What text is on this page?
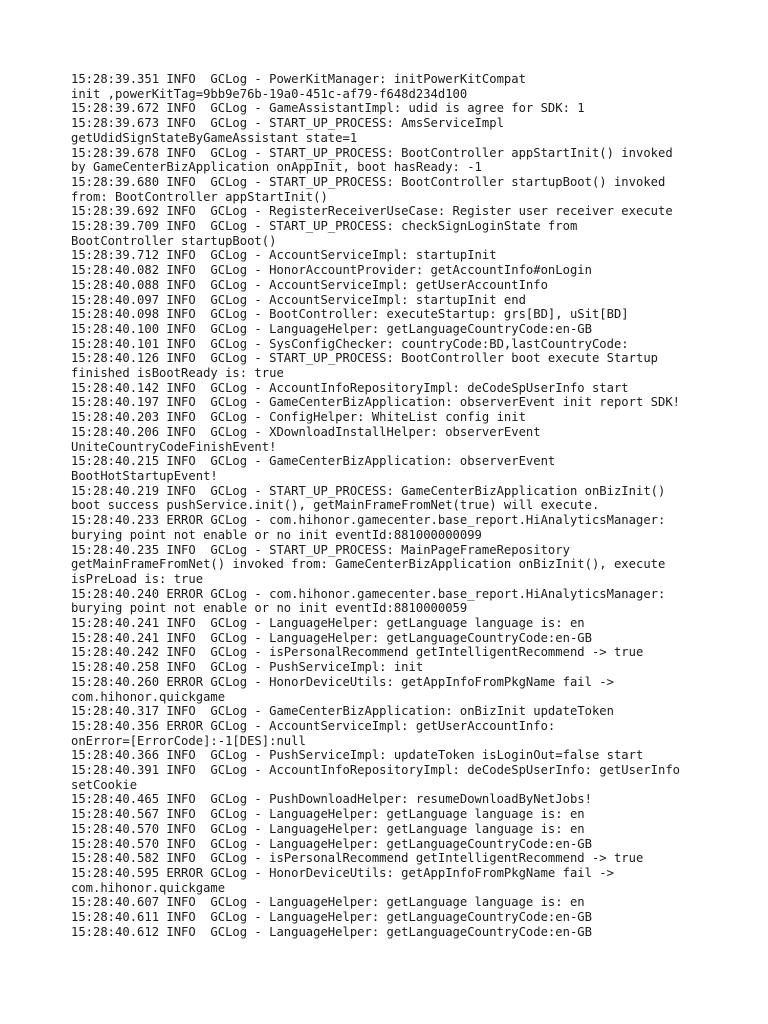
15:28:39.351 INFO  GCLog - PowerKitManager: initPowerKitCompat

init ,powerKitTag=9bb9e76b-19a0-451c-af79-f648d234d100

15:28:39.672 INFO  GCLog - GameAssistantImpl: udid is agree for SDK: 1

15:28:39.673 INFO  GCLog - START_UP_PROCESS: AmsServiceImpl

getUdidSignStateByGameAssistant state=1

15:28:39.678 INFO  GCLog - START_UP_PROCESS: BootController appStartInit() invoked

by GameCenterBizApplication onAppInit, boot hasReady: -1

15:28:39.680 INFO  GCLog - START_UP_PROCESS: BootController startupBoot() invoked

from: BootController appStartInit()

15:28:39.692 INFO  GCLog - RegisterReceiverUseCase: Register user receiver execute

15:28:39.709 INFO  GCLog - START_UP_PROCESS: checkSignLoginState from

BootController startupBoot()

15:28:39.712 INFO  GCLog - AccountServiceImpl: startupInit

15:28:40.082 INFO  GCLog - HonorAccountProvider: getAccountInfo#onLogin

15:28:40.088 INFO  GCLog - AccountServiceImpl: getUserAccountInfo

15:28:40.097 INFO  GCLog - AccountServiceImpl: startupInit end

15:28:40.098 INFO  GCLog - BootController: executeStartup: grs[BD], uSit[BD]

15:28:40.100 INFO  GCLog - LanguageHelper: getLanguageCountryCode:en-GB

15:28:40.101 INFO  GCLog - SysConfigChecker: countryCode:BD,lastCountryCode:

15:28:40.126 INFO  GCLog - START_UP_PROCESS: BootController boot execute Startup

finished isBootReady is: true

15:28:40.142 INFO  GCLog - AccountInfoRepositoryImpl: deCodeSpUserInfo start

15:28:40.197 INFO  GCLog - GameCenterBizApplication: observerEvent init report SDK!

15:28:40.203 INFO  GCLog - ConfigHelper: WhiteList config init

15:28:40.206 INFO  GCLog - XDownloadInstallHelper: observerEvent

UniteCountryCodeFinishEvent!

15:28:40.215 INFO  GCLog - GameCenterBizApplication: observerEvent

BootHotStartupEvent!

15:28:40.219 INFO  GCLog - START_UP_PROCESS: GameCenterBizApplication onBizInit()

boot success pushService.init(), getMainFrameFromNet(true) will execute.

15:28:40.233 ERROR GCLog - com.hihonor.gamecenter.base_report.HiAnalyticsManager:

burying point not enable or no init eventId:881000000099

15:28:40.235 INFO  GCLog - START_UP_PROCESS: MainPageFrameRepository

getMainFrameFromNet() invoked from: GameCenterBizApplication onBizInit(), execute

isPreLoad is: true

15:28:40.240 ERROR GCLog - com.hihonor.gamecenter.base_report.HiAnalyticsManager:

burying point not enable or no init eventId:8810000059

15:28:40.241 INFO  GCLog - LanguageHelper: getLanguage language is: en

15:28:40.241 INFO  GCLog - LanguageHelper: getLanguageCountryCode:en-GB

15:28:40.242 INFO  GCLog - isPersonalRecommend getIntelligentRecommend -> true

15:28:40.258 INFO  GCLog - PushServiceImpl: init

15:28:40.260 ERROR GCLog - HonorDeviceUtils: getAppInfoFromPkgName fail ->

com.hihonor.quickgame

15:28:40.317 INFO  GCLog - GameCenterBizApplication: onBizInit updateToken

15:28:40.356 ERROR GCLog - AccountServiceImpl: getUserAccountInfo:

onError=[ErrorCode]:-1[DES]:null

15:28:40.366 INFO  GCLog - PushServiceImpl: updateToken isLoginOut=false start

15:28:40.391 INFO  GCLog - AccountInfoRepositoryImpl: deCodeSpUserInfo: getUserInfo

setCookie

15:28:40.465 INFO  GCLog - PushDownloadHelper: resumeDownloadByNetJobs!

15:28:40.567 INFO  GCLog - LanguageHelper: getLanguage language is: en

15:28:40.570 INFO  GCLog - LanguageHelper: getLanguage language is: en

15:28:40.570 INFO  GCLog - LanguageHelper: getLanguageCountryCode:en-GB

15:28:40.582 INFO  GCLog - isPersonalRecommend getIntelligentRecommend -> true

15:28:40.595 ERROR GCLog - HonorDeviceUtils: getAppInfoFromPkgName fail ->

com.hihonor.quickgame

15:28:40.607 INFO  GCLog - LanguageHelper: getLanguage language is: en

15:28:40.611 INFO  GCLog - LanguageHelper: getLanguageCountryCode:en-GB

15:28:40.612 INFO  GCLog - LanguageHelper: getLanguageCountryCode:en-GB
